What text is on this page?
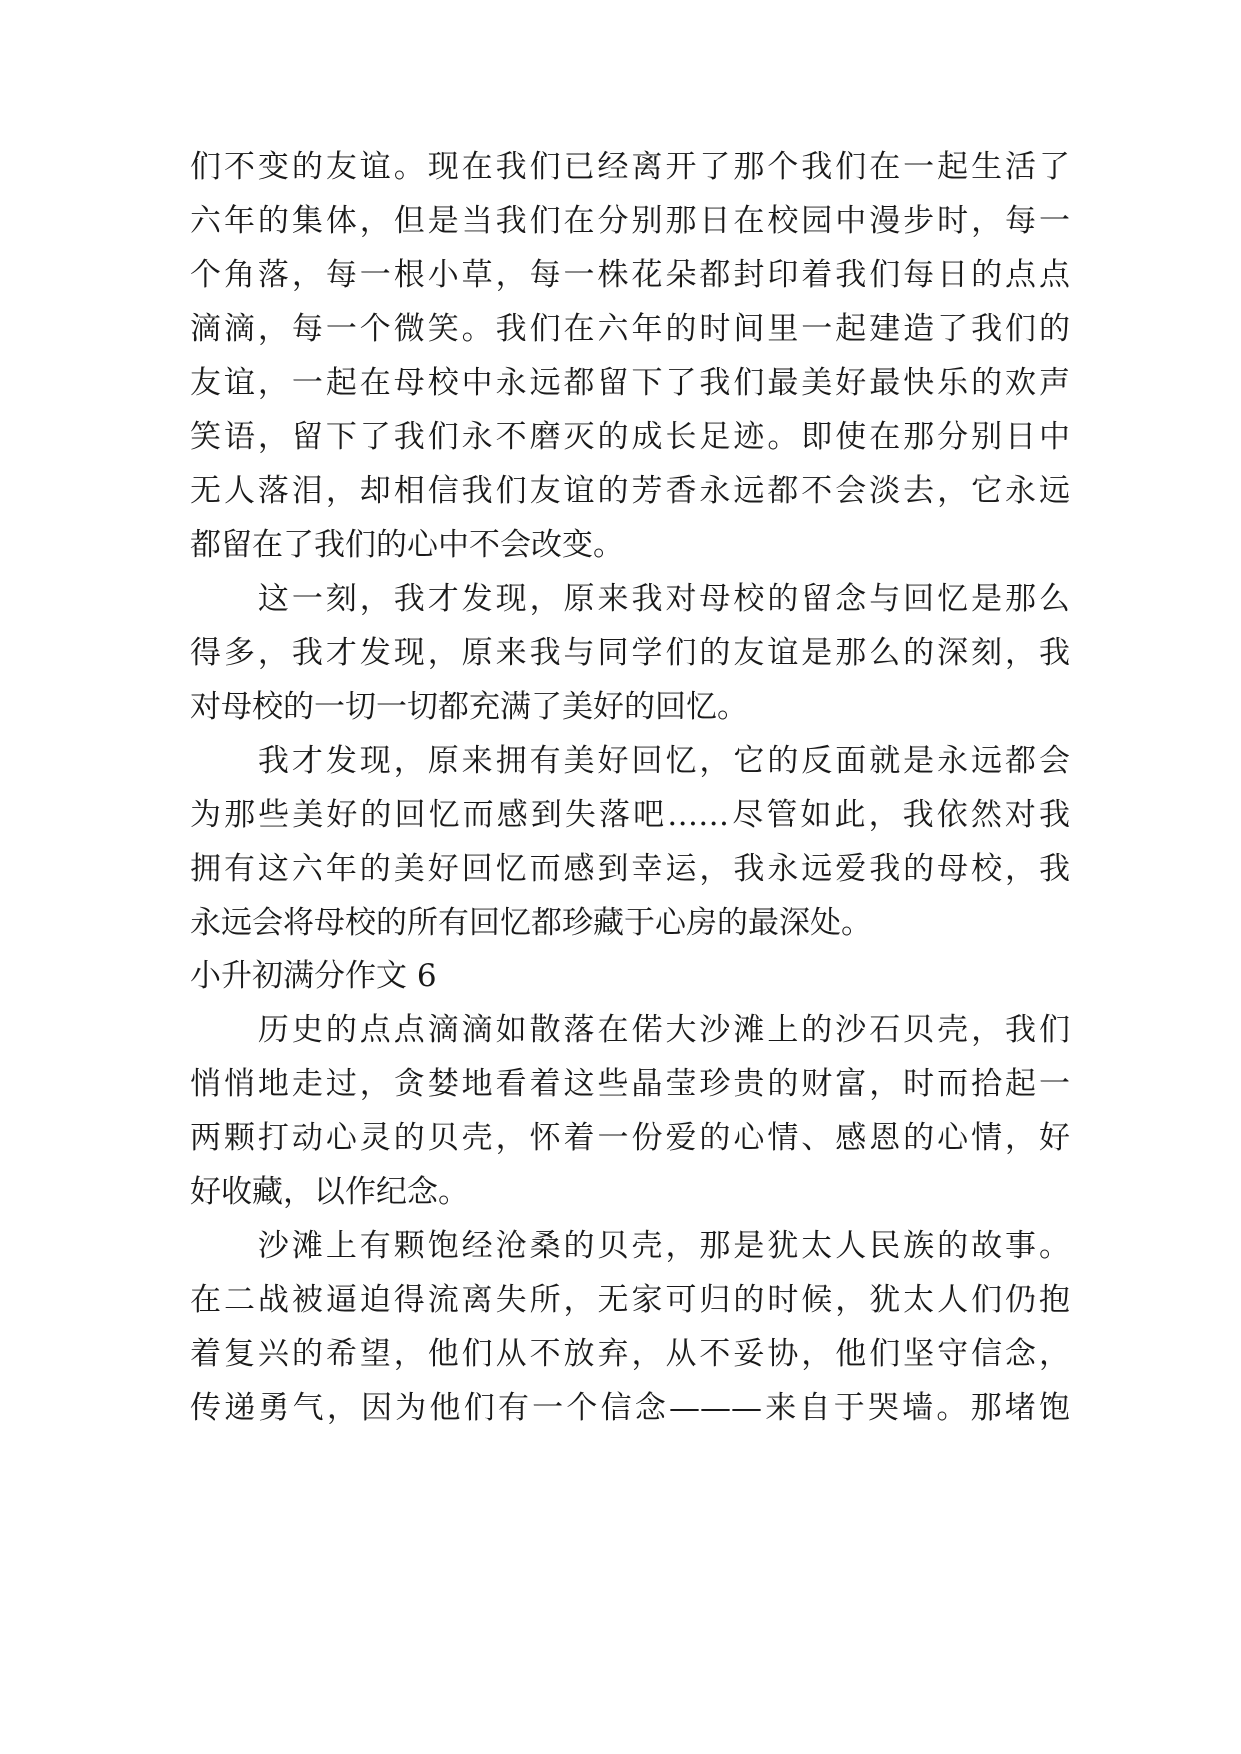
们不变的友谊。现在我们已经离开了那个我们在一起生活了
六年的集体，但是当我们在分别那日在校园中漫步时，每一
个角落，每一根小草，每一株花朵都封印着我们每日的点点
滴滴，每一个微笑。我们在六年的时间里一起建造了我们的
友谊，一起在母校中永远都留下了我们最美好最快乐的欢声
笑语，留下了我们永不磨灭的成长足迹。即使在那分别日中
无人落泪，却相信我们友谊的芳香永远都不会淡去，它永远
都留在了我们的心中不会改变。
　　这一刻，我才发现，原来我对母校的留念与回忆是那么
得多，我才发现，原来我与同学们的友谊是那么的深刻，我
对母校的一切一切都充满了美好的回忆。
　　我才发现，原来拥有美好回忆，它的反面就是永远都会
为那些美好的回忆而感到失落吧……尽管如此，我依然对我
拥有这六年的美好回忆而感到幸运，我永远爱我的母校，我
永远会将母校的所有回忆都珍藏于心房的最深处。
小升初满分作文 6
　　历史的点点滴滴如散落在偌大沙滩上的沙石贝壳，我们
悄悄地走过，贪婪地看着这些晶莹珍贵的财富，时而拾起一
两颗打动心灵的贝壳，怀着一份爱的心情、感恩的心情，好
好收藏，以作纪念。
　　沙滩上有颗饱经沧桑的贝壳，那是犹太人民族的故事。
在二战被逼迫得流离失所，无家可归的时候，犹太人们仍抱
着复兴的希望，他们从不放弃，从不妥协，他们坚守信念，
传递勇气，因为他们有一个信念———来自于哭墙。那堵饱
